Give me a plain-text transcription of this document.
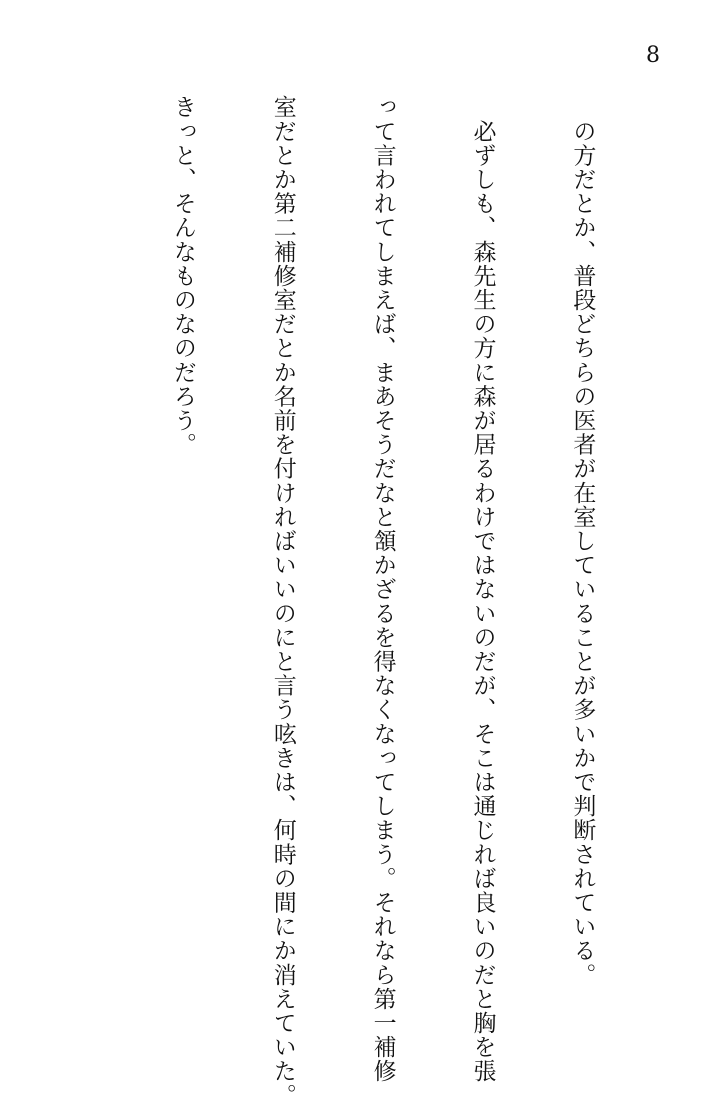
8

　の方だとか、普段どちらの医者が在室していることが多いかで判断されている。

　必ずしも、森先生の方に森が居るわけではないのだが、そこは通じれば良いのだと胸を張

って言われてしまえば、まあそうだなと頷かざるを得なくなってしまう。それなら第一補修

室だとか第二補修室だとか名前を付ければいいのにと言う呟きは、何時の間にか消えていた。

きっと、そんなものなのだろう。
